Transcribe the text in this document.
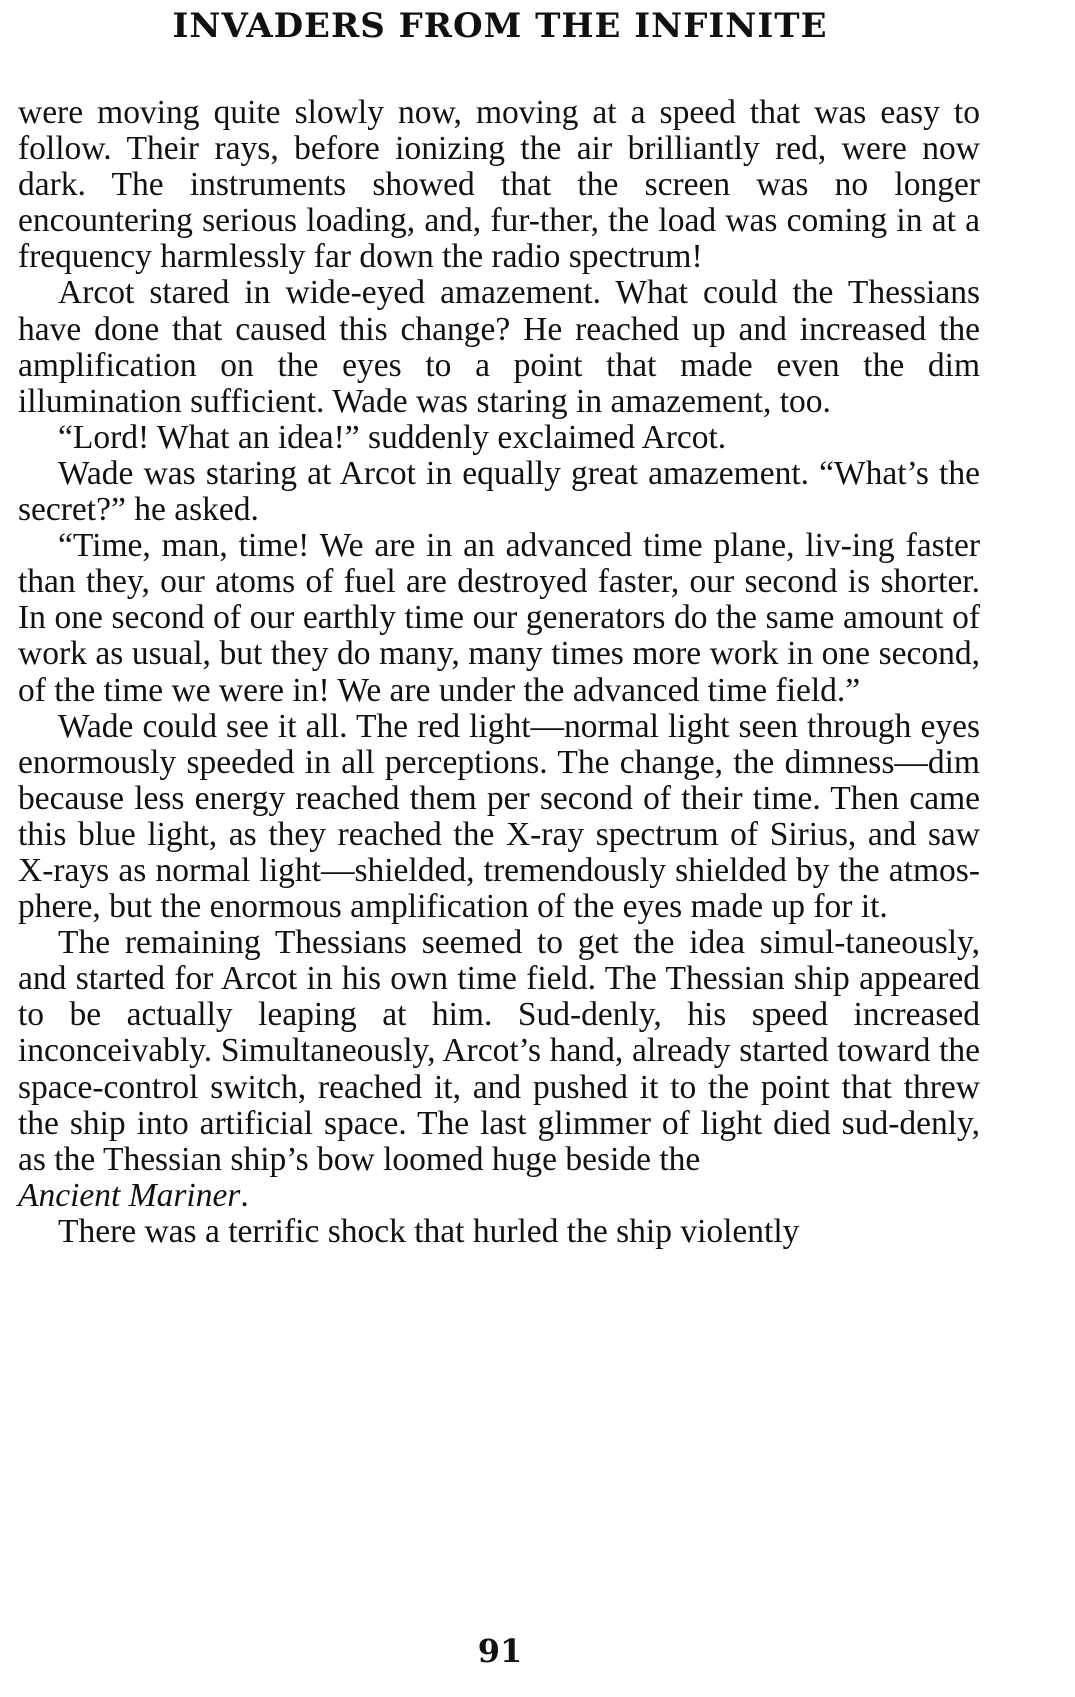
INVADERS FROM THE INFINITE

were moving quite slowly now, moving at a speed that was easy to follow. Their rays, before ionizing the air brilliantly red, were now dark. The instruments showed that the screen was no longer encountering serious loading, and, fur-ther, the load was coming in at a frequency harmlessly far down the radio spectrum!

Arcot stared in wide-eyed amazement. What could the Thessians have done that caused this change? He reached up and increased the amplification on the eyes to a point that made even the dim illumination sufficient. Wade was staring in amazement, too.

“Lord! What an idea!” suddenly exclaimed Arcot.

Wade was staring at Arcot in equally great amazement. “What’s the secret?” he asked.

“Time, man, time! We are in an advanced time plane, liv-ing faster than they, our atoms of fuel are destroyed faster, our second is shorter. In one second of our earthly time our generators do the same amount of work as usual, but they do many, many times more work in one second, of the time we were in! We are under the advanced time field.”

Wade could see it all. The red light—normal light seen through eyes enormously speeded in all perceptions. The change, the dimness—dim because less energy reached them per second of their time. Then came this blue light, as they reached the X-ray spectrum of Sirius, and saw X-rays as normal light—shielded, tremendously shielded by the atmos-phere, but the enormous amplification of the eyes made up for it.

The remaining Thessians seemed to get the idea simul-taneously, and started for Arcot in his own time field. The Thessian ship appeared to be actually leaping at him. Sud-denly, his speed increased inconceivably. Simultaneously, Arcot’s hand, already started toward the space-control switch, reached it, and pushed it to the point that threw the ship into artificial space. The last glimmer of light died sud-denly, as the Thessian ship’s bow loomed huge beside the
Ancient Mariner.

There was a terrific shock that hurled the ship violently

91
